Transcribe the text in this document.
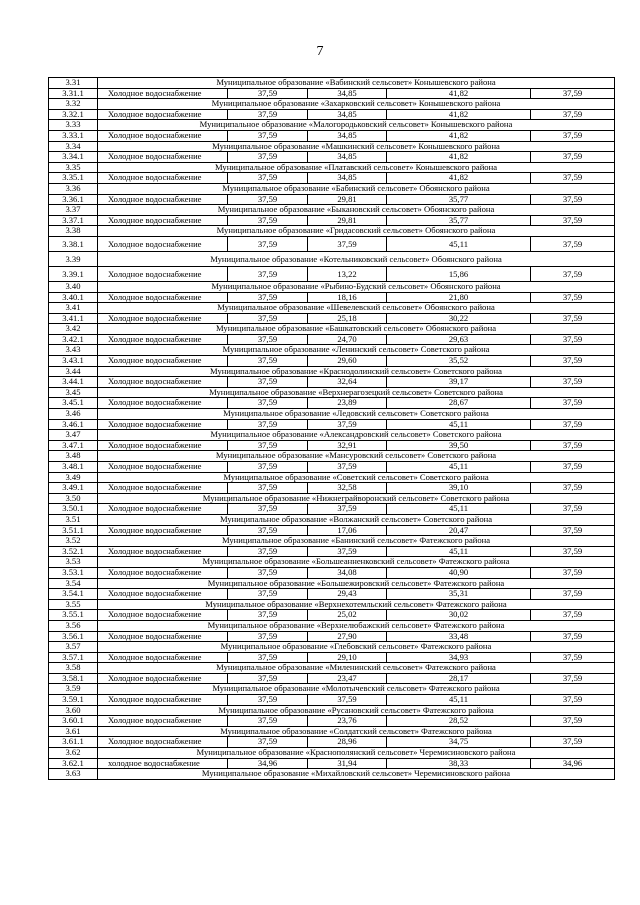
7
3.31	Муниципальное образование «Вабинский сельсовет» Конышевского района				
3.31.1	Холодное водоснабжение	37,59	34,85	41,82	37,59
3.32	Муниципальное образование «Захарковский сельсовет» Конышевского района				
3.32.1	Холодное водоснабжение	37,59	34,85	41,82	37,59
3.33	Муниципальное образование «Малогородьковский сельсовет» Конышевского района				
3.33.1	Холодное водоснабжение	37,59	34,85	41,82	37,59
3.34	Муниципальное образование «Машкинский сельсовет» Конышевского района				
3.34.1	Холодное водоснабжение	37,59	34,85	41,82	37,59
3.35	Муниципальное образование «Платавский сельсовет» Конышевского района				
3.35.1	Холодное водоснабжение	37,59	34,85	41,82	37,59
3.36	Муниципальное образование «Бабинский сельсовет» Обоянского района				
3.36.1	Холодное водоснабжение	37,59	29,81	35,77	37,59
3.37	Муниципальное образование «Быкановский сельсовет» Обоянского района				
3.37.1	Холодное водоснабжение	37,59	29,81	35,77	37,59
3.38	Муниципальное образование «Гридасовский сельсовет» Обоянского района				
3.38.1	Холодное водоснабжение	37,59	37,59	45,11	37,59
3.39	Муниципальное образование «Котельниковский сельсовет» Обоянского района				
3.39.1	Холодное водоснабжение	37,59	13,22	15,86	37,59
3.40	Муниципальное образование «Рыбино-Будский сельсовет» Обоянского района				
3.40.1	Холодное водоснабжение	37,59	18,16	21,80	37,59
3.41	Муниципальное образование «Шевелевский сельсовет» Обоянского района				
3.41.1	Холодное водоснабжение	37,59	25,18	30,22	37,59
3.42	Муниципальное образование «Башкатовский сельсовет» Обоянского района				
3.42.1	Холодное водоснабжение	37,59	24,70	29,63	37,59
3.43	Муниципальное образование «Ленинский сельсовет» Советского района				
3.43.1	Холодное водоснабжение	37,59	29,60	35,52	37,59
3.44	Муниципальное образование «Краснодолинский сельсовет» Советского района				
3.44.1	Холодное водоснабжение	37,59	32,64	39,17	37,59
3.45	Муниципальное образование «Верхнерагозецкий сельсовет» Советского района				
3.45.1	Холодное водоснабжение	37,59	23,89	28,67	37,59
3.46	Муниципальное образование «Ледовский сельсовет» Советского района				
3.46.1	Холодное водоснабжение	37,59	37,59	45,11	37,59
3.47	Муниципальное образование «Александровский сельсовет» Советского района				
3.47.1	Холодное водоснабжение	37,59	32,91	39,50	37,59
3.48	Муниципальное образование «Мансуровский сельсовет» Советского района				
3.48.1	Холодное водоснабжение	37,59	37,59	45,11	37,59
3.49	Муниципальное образование «Советский сельсовет» Советского района				
3.49.1	Холодное водоснабжение	37,59	32,58	39,10	37,59
3.50	Муниципальное образование «Нижнеграйворонский сельсовет» Советского района				
3.50.1	Холодное водоснабжение	37,59	37,59	45,11	37,59
3.51	Муниципальное образование «Волжанский сельсовет» Советского района				
3.51.1	Холодное водоснабжение	37,59	17,06	20,47	37,59
3.52	Муниципальное образование «Банинский сельсовет» Фатежского района				
3.52.1	Холодное водоснабжение	37,59	37,59	45,11	37,59
3.53	Муниципальное образование «Большеанненковский сельсовет» Фатежского района				
3.53.1	Холодное водоснабжение	37,59	34,08	40,90	37,59
3.54	Муниципальное образование «Большежировский сельсовет» Фатежского района				
3.54.1	Холодное водоснабжение	37,59	29,43	35,31	37,59
3.55	Муниципальное образование «Верхнехотемльский сельсовет» Фатежского района				
3.55.1	Холодное водоснабжение	37,59	25,02	30,02	37,59
3.56	Муниципальное образование «Верхнелюбажский сельсовет» Фатежского района				
3.56.1	Холодное водоснабжение	37,59	27,90	33,48	37,59
3.57	Муниципальное образование «Глебовский сельсовет» Фатежского района				
3.57.1	Холодное водоснабжение	37,59	29,10	34,93	37,59
3.58	Муниципальное образование «Миленинский сельсовет» Фатежского района				
3.58.1	Холодное водоснабжение	37,59	23,47	28,17	37,59
3.59	Муниципальное образование «Молотычевский сельсовет» Фатежского района				
3.59.1	Холодное водоснабжение	37,59	37,59	45,11	37,59
3.60	Муниципальное образование «Русановский сельсовет» Фатежского района				
3.60.1	Холодное водоснабжение	37,59	23,76	28,52	37,59
3.61	Муниципальное образование «Солдатский сельсовет» Фатежского района				
3.61.1	Холодное водоснабжение	37,59	28,96	34,75	37,59
3.62	Муниципальное образование «Краснополянский сельсовет» Черемисиновского района				
3.62.1	холодное водоснабжение	34,96	31,94	38,33	34,96
3.63	Муниципальное образование «Михайловский сельсовет» Черемисиновского района				
